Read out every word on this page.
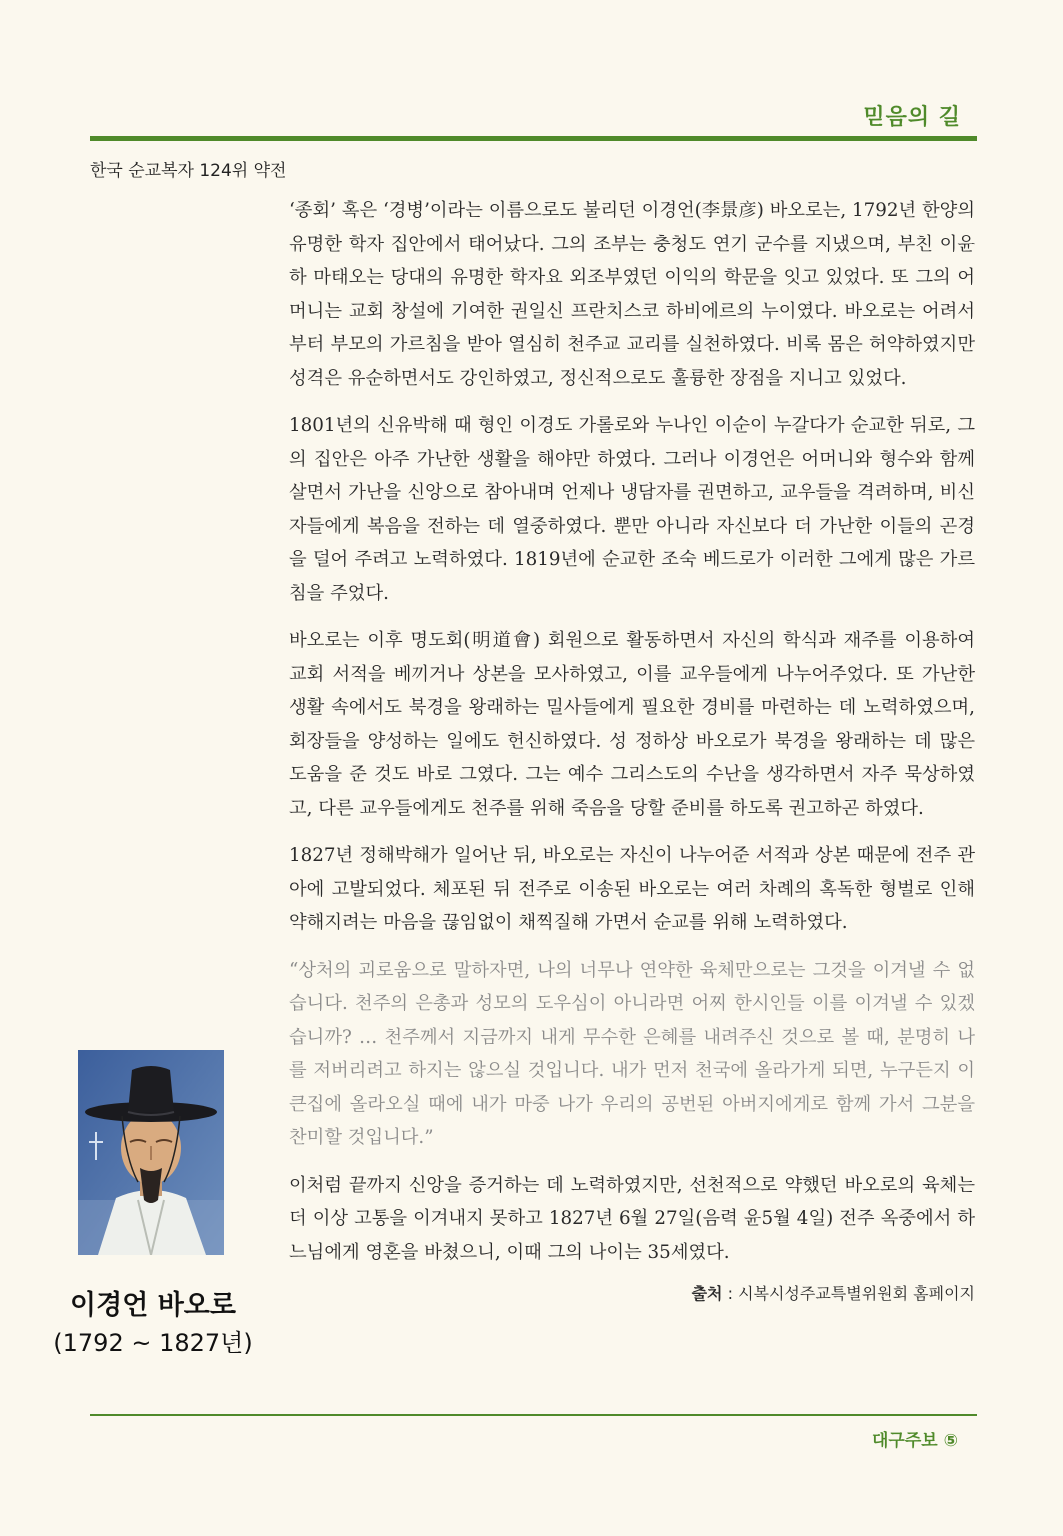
믿음의 길
한국 순교복자 124위 약전

‘종회’ 혹은 ‘경병’이라는 이름으로도 불리던 이경언(李景彦) 바오로는, 1792년 한양의 유명한 학자 집안에서 태어났다. 그의 조부는 충청도 연기 군수를 지냈으며, 부친 이윤하 마태오는 당대의 유명한 학자요 외조부였던 이익의 학문을 잇고 있었다. 또 그의 어머니는 교회 창설에 기여한 권일신 프란치스코 하비에르의 누이였다. 바오로는 어려서부터 부모의 가르침을 받아 열심히 천주교 교리를 실천하였다. 비록 몸은 허약하였지만 성격은 유순하면서도 강인하였고, 정신적으로도 훌륭한 장점을 지니고 있었다.

1801년의 신유박해 때 형인 이경도 가롤로와 누나인 이순이 누갈다가 순교한 뒤로, 그의 집안은 아주 가난한 생활을 해야만 하였다. 그러나 이경언은 어머니와 형수와 함께 살면서 가난을 신앙으로 참아내며 언제나 냉담자를 권면하고, 교우들을 격려하며, 비신자들에게 복음을 전하는 데 열중하였다. 뿐만 아니라 자신보다 더 가난한 이들의 곤경을 덜어 주려고 노력하였다. 1819년에 순교한 조숙 베드로가 이러한 그에게 많은 가르침을 주었다.

바오로는 이후 명도회(明道會) 회원으로 활동하면서 자신의 학식과 재주를 이용하여 교회 서적을 베끼거나 상본을 모사하였고, 이를 교우들에게 나누어주었다. 또 가난한 생활 속에서도 북경을 왕래하는 밀사들에게 필요한 경비를 마련하는 데 노력하였으며, 회장들을 양성하는 일에도 헌신하였다. 성 정하상 바오로가 북경을 왕래하는 데 많은 도움을 준 것도 바로 그였다. 그는 예수 그리스도의 수난을 생각하면서 자주 묵상하였고, 다른 교우들에게도 천주를 위해 죽음을 당할 준비를 하도록 권고하곤 하였다.

1827년 정해박해가 일어난 뒤, 바오로는 자신이 나누어준 서적과 상본 때문에 전주 관아에 고발되었다. 체포된 뒤 전주로 이송된 바오로는 여러 차례의 혹독한 형벌로 인해 약해지려는 마음을 끊임없이 채찍질해 가면서 순교를 위해 노력하였다.

“상처의 괴로움으로 말하자면, 나의 너무나 연약한 육체만으로는 그것을 이겨낼 수 없습니다. 천주의 은총과 성모의 도우심이 아니라면 어찌 한시인들 이를 이겨낼 수 있겠습니까? … 천주께서 지금까지 내게 무수한 은혜를 내려주신 것으로 볼 때, 분명히 나를 저버리려고 하지는 않으실 것입니다. 내가 먼저 천국에 올라가게 되면, 누구든지 이 큰집에 올라오실 때에 내가 마중 나가 우리의 공번된 아버지에게로 함께 가서 그분을 찬미할 것입니다.”

이처럼 끝까지 신앙을 증거하는 데 노력하였지만, 선천적으로 약했던 바오로의 육체는 더 이상 고통을 이겨내지 못하고 1827년 6월 27일(음력 윤5월 4일) 전주 옥중에서 하느님에게 영혼을 바쳤으니, 이때 그의 나이는 35세였다.

출처 : 시복시성주교특별위원회 홈페이지
이경언 바오로
(1792 ~ 1827년)
대구주보 ⑤
